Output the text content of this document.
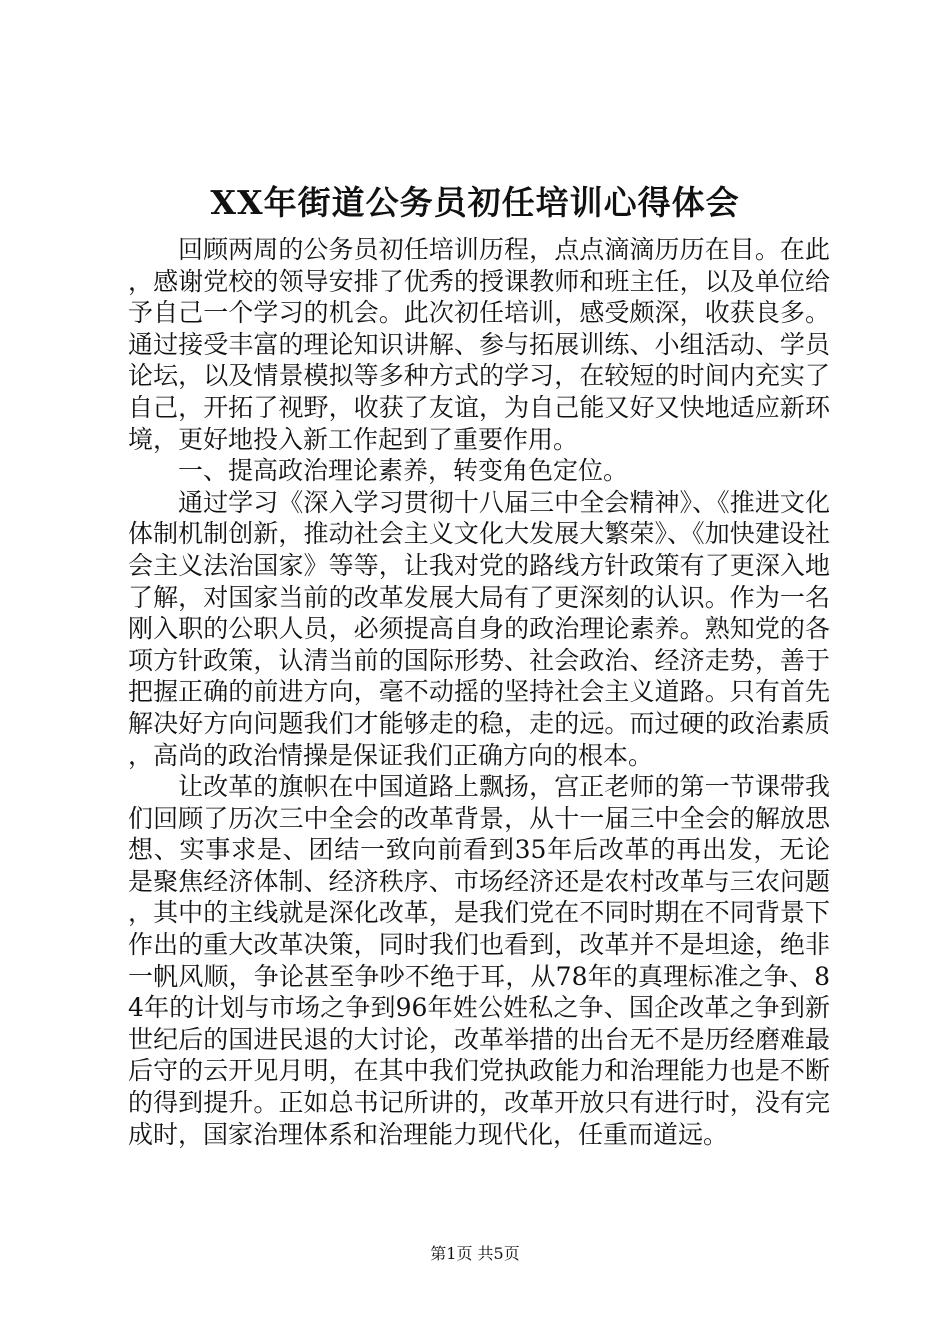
XX年街道公务员初任培训心得体会

回顾两周的公务员初任培训历程，点点滴滴历历在目。在此，感谢党校的领导安排了优秀的授课教师和班主任，以及单位给予自己一个学习的机会。此次初任培训，感受颇深，收获良多。通过接受丰富的理论知识讲解、参与拓展训练、小组活动、学员论坛，以及情景模拟等多种方式的学习，在较短的时间内充实了自己，开拓了视野，收获了友谊，为自己能又好又快地适应新环境，更好地投入新工作起到了重要作用。

一、提高政治理论素养，转变角色定位。

通过学习《深入学习贯彻十八届三中全会精神》、《推进文化体制机制创新，推动社会主义文化大发展大繁荣》、《加快建设社会主义法治国家》等等，让我对党的路线方针政策有了更深入地了解，对国家当前的改革发展大局有了更深刻的认识。作为一名刚入职的公职人员，必须提高自身的政治理论素养。熟知党的各项方针政策，认清当前的国际形势、社会政治、经济走势，善于把握正确的前进方向，毫不动摇的坚持社会主义道路。只有首先解决好方向问题我们才能够走的稳，走的远。而过硬的政治素质，高尚的政治情操是保证我们正确方向的根本。

让改革的旗帜在中国道路上飘扬，宫正老师的第一节课带我们回顾了历次三中全会的改革背景，从十一届三中全会的解放思想、实事求是、团结一致向前看到35年后改革的再出发，无论是聚焦经济体制、经济秩序、市场经济还是农村改革与三农问题，其中的主线就是深化改革，是我们党在不同时期在不同背景下作出的重大改革决策，同时我们也看到，改革并不是坦途，绝非一帆风顺，争论甚至争吵不绝于耳，从78年的真理标准之争、84年的计划与市场之争到96年姓公姓私之争、国企改革之争到新世纪后的国进民退的大讨论，改革举措的出台无不是历经磨难最后守的云开见月明，在其中我们党执政能力和治理能力也是不断的得到提升。正如总书记所讲的，改革开放只有进行时，没有完成时，国家治理体系和治理能力现代化，任重而道远。

第1页 共5页
